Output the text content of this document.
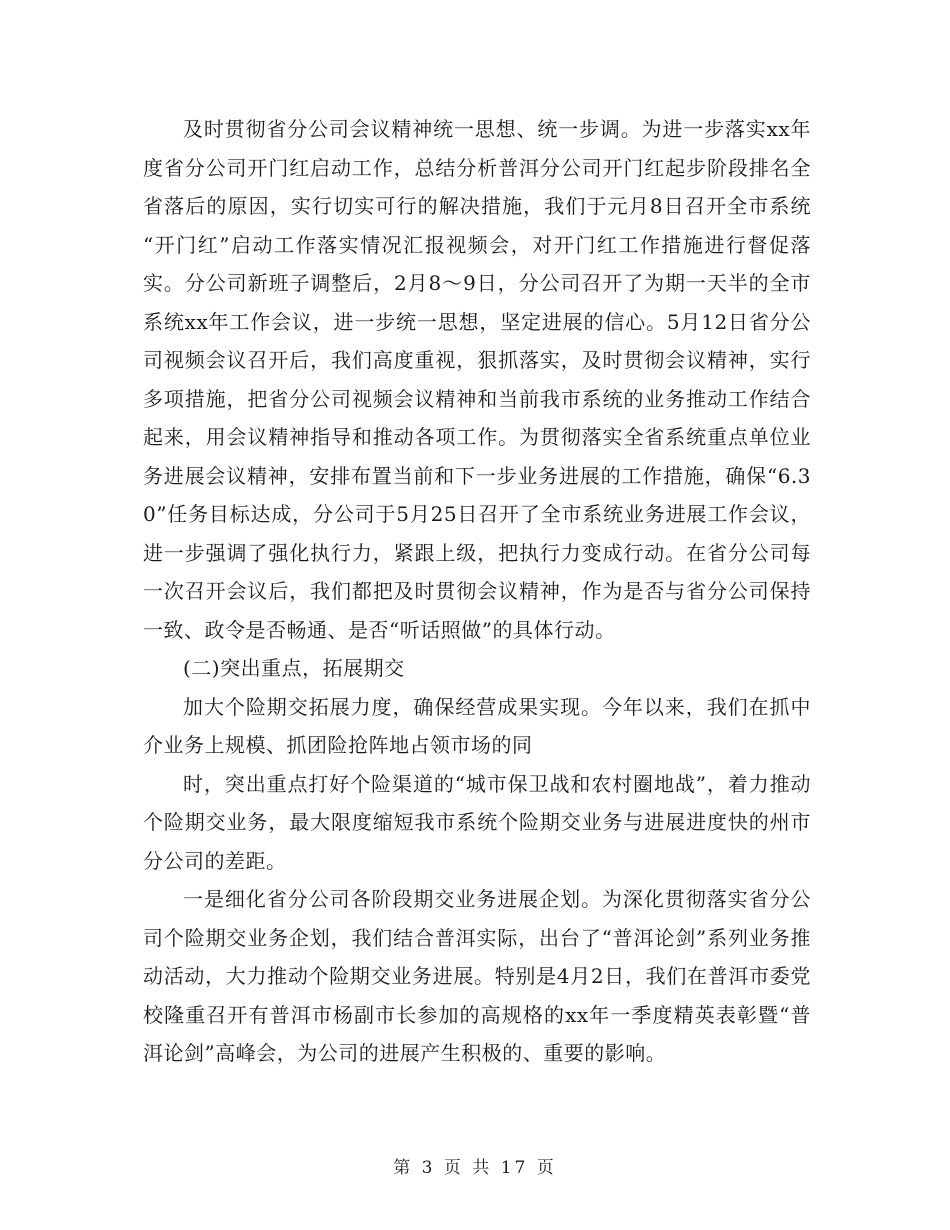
及时贯彻省分公司会议精神统一思想、统一步调。为进一步落实xx年度省分公司开门红启动工作，总结分析普洱分公司开门红起步阶段排名全省落后的原因，实行切实可行的解决措施，我们于元月8日召开全市系统 “开门红”启动工作落实情况汇报视频会，对开门红工作措施进行督促落实。分公司新班子调整后，2月8～9日，分公司召开了为期一天半的全市系统xx年工作会议，进一步统一思想，坚定进展的信心。5月12日省分公司视频会议召开后，我们高度重视，狠抓落实，及时贯彻会议精神，实行多项措施，把省分公司视频会议精神和当前我市系统的业务推动工作结合起来，用会议精神指导和推动各项工作。为贯彻落实全省系统重点单位业务进展会议精神，安排布置当前和下一步业务进展的工作措施，确保“6.30”任务目标达成，分公司于5月25日召开了全市系统业务进展工作会议，进一步强调了强化执行力，紧跟上级，把执行力变成行动。在省分公司每一次召开会议后，我们都把及时贯彻会议精神，作为是否与省分公司保持一致、政令是否畅通、是否“听话照做”的具体行动。

(二)突出重点，拓展期交

加大个险期交拓展力度，确保经营成果实现。今年以来，我们在抓中介业务上规模、抓团险抢阵地占领市场的同

时，突出重点打好个险渠道的“城市保卫战和农村圈地战”，着力推动个险期交业务，最大限度缩短我市系统个险期交业务与进展进度快的州市分公司的差距。

一是细化省分公司各阶段期交业务进展企划。为深化贯彻落实省分公司个险期交业务企划，我们结合普洱实际，出台了“普洱论剑”系列业务推动活动，大力推动个险期交业务进展。特别是4月2日，我们在普洱市委党校隆重召开有普洱市杨副市长参加的高规格的xx年一季度精英表彰暨“普洱论剑”高峰会，为公司的进展产生积极的、重要的影响。

第 3 页 共 17 页
